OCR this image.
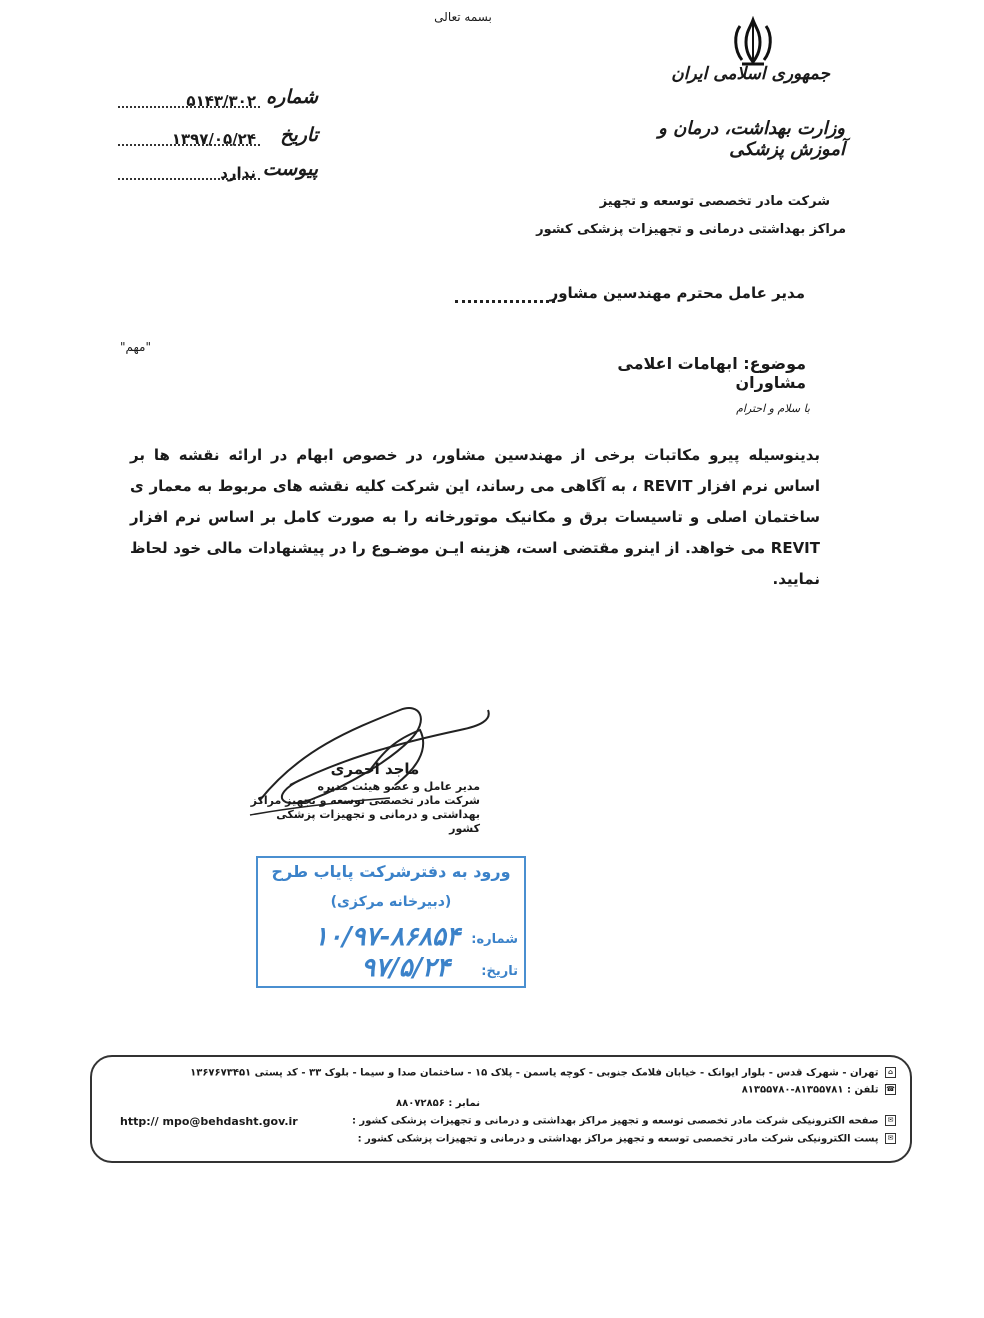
بسمه تعالی
جمهوری اسلامی ایران
وزارت بهداشت، درمان و آموزش پزشکی
شرکت مادر تخصصی توسعه و تجهیز
مراکز بهداشتی درمانی و تجهیزات پزشکی کشور
شماره
۵۱۴۳/۳۰۲
تاریخ
۱۳۹۷/۰۵/۲۴
پیوست
ندارد
مدیر عامل محترم مهندسین مشاور
"مهم"
موضوع: ابهامات اعلامی مشاوران
با سلام و احترام
بدینوسیله پیرو مکاتبات برخی از مهندسین مشاور، در خصوص ابهام در ارائه نقشه ها بر اساس نرم افزار REVIT ، به آگاهی می رساند، این شرکت کلیه نقشه های مربوط به معمار ی ساختمان اصلی و تاسیسات برق و مکانیک موتورخانه را به صورت کامل بر اساس نرم افزار REVIT می خواهد. از اینرو مقتضی است، هزینه ایـن موضـوع را در پیشنهادات مالی خود لحاظ نمایید.
ماجد احمری
مدیر عامل و عضو هیئت مدیره
شرکت مادر تخصصی توسعه و تجهیز مراکز
بهداشتی و درمانی و تجهیزات پزشکی کشور
ورود به دفترشرکت پایاب طرح
(دبیرخانه مرکزی)
شماره:
۱۰/۹۷-۸۶۸۵۴
تاریخ:
۹۷/۵/۲۴
⌂ تهران - شهرک قدس - بلوار ایوانک - خیابان فلامک جنوبی - کوچه یاسمن - پلاک ۱۵ - ساختمان صدا و سیما - بلوک ۳۳ - کد پستی ۱۳۶۷۶۷۳۴۵۱
☎ تلفن : ۸۱۳۵۵۷۸۱-۸۱۳۵۵۷۸۰
نمابر : ۸۸۰۷۲۸۵۶
✉ صفحه الکترونیکی شرکت مادر تخصصی توسعه و تجهیز مراکز بهداشتی و درمانی و تجهیزات پزشکی کشور :
http:// mpo@behdasht.gov.ir
✉ پست الکترونیکی شرکت مادر تخصصی توسعه و تجهیز مراکز بهداشتی و درمانی و تجهیزات پزشکی کشور :
